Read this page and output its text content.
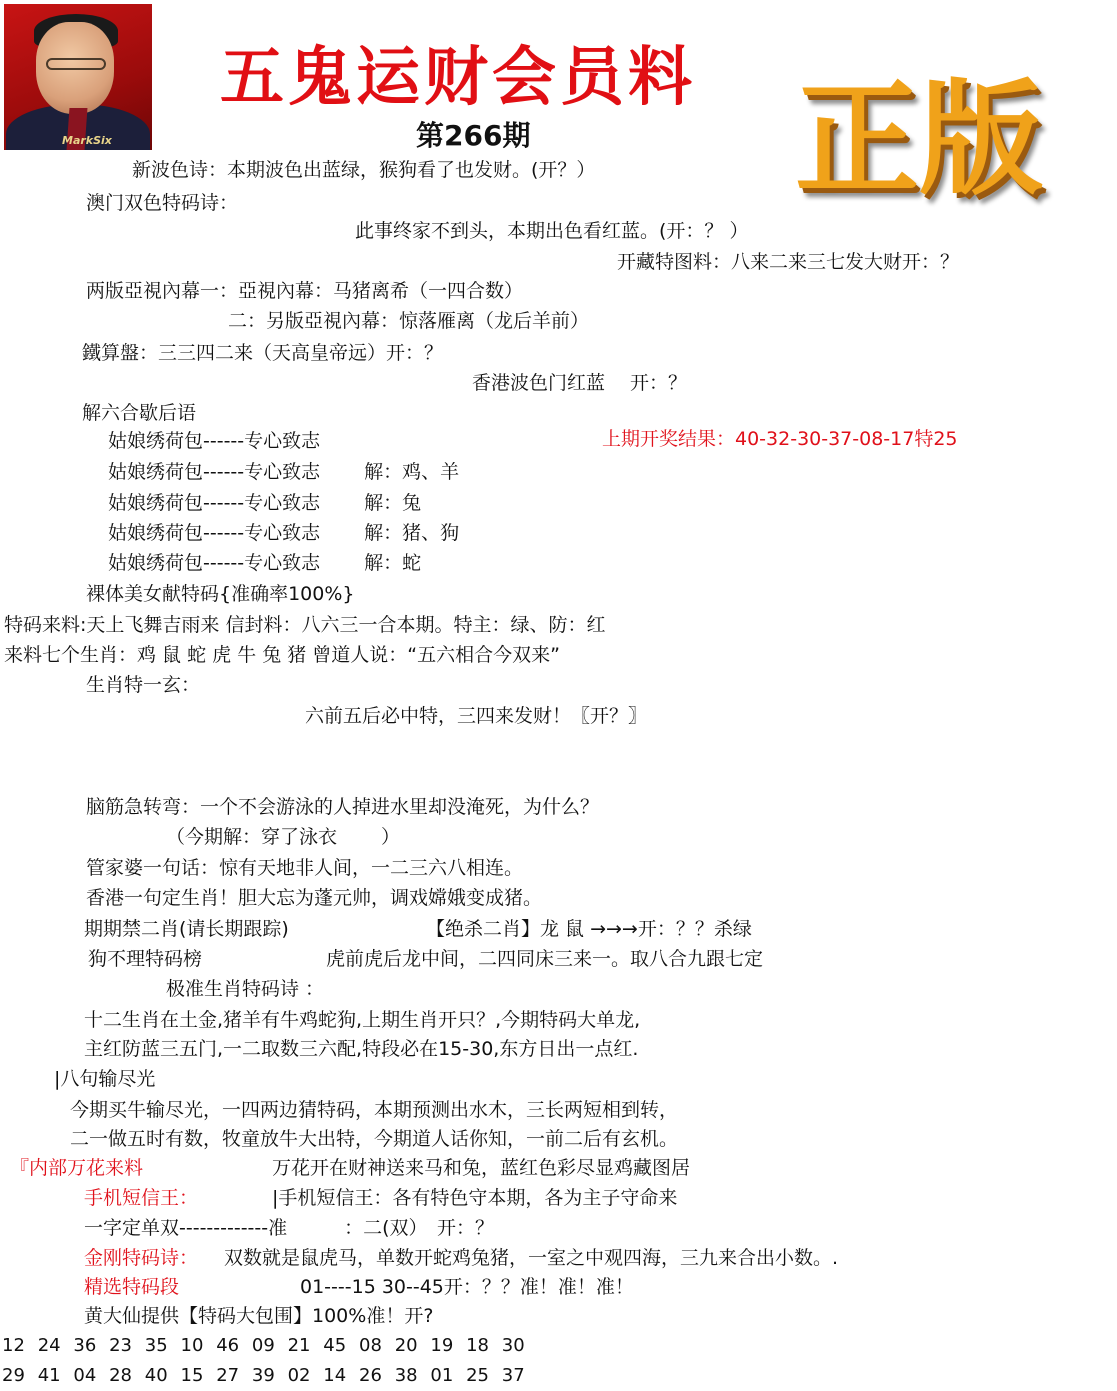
MarkSix
五鬼运财会员料
第266期 正版
新波色诗：本期波色出蓝绿，猴狗看了也发财。(开？）
澳门双色特码诗：
此事终家不到头，本期出色看红蓝。(开：？ ）
开藏特图料：八来二来三七发大财开：？
两版亞視內幕一：亞視內幕：马猪离希（一四合数）
二：另版亞視內幕：惊落雁离（龙后羊前）
鐵算盤：三三四二来（天高皇帝远）开：？
香港波色门红蓝　 开：？
解六合歇后语
姑娘绣荷包------专心致志	上期开奖结果：40-32-30-37-08-17特25
姑娘绣荷包------专心致志　　 解：鸡、羊
姑娘绣荷包------专心致志　　 解：兔
姑娘绣荷包------专心致志　　 解：猪、狗
姑娘绣荷包------专心致志　　 解：蛇
裸体美女献特码{准确率100%}
特码来料:天上飞舞吉雨来 信封料：八六三一合本期。特主：绿、防：红
来料七个生肖：鸡 鼠 蛇 虎 牛 兔 猪 曾道人说：“五六相合今双来”
生肖特一玄：
六前五后必中特，三四来发财！〖开？〗
脑筋急转弯：一个不会游泳的人掉进水里却没淹死，为什么？
（今期解：穿了泳衣　　 ）
管家婆一句话：惊有天地非人间，一二三六八相连。
香港一句定生肖！胆大忘为蓬元帅，调戏嫦娥变成猪。
期期禁二肖(请长期跟踪)	【绝杀二肖】龙 鼠 →→→开：？？杀绿
狗不理特码榜	虎前虎后龙中间，二四同床三来一。取八合九跟七定
极准生肖特码诗 ：
十二生肖在土金,猪羊有牛鸡蛇狗,上期生肖开只？,今期特码大单龙,
主红防蓝三五门,一二取数三六配,特段必在15-30,东方日出一点红.
|八句输尽光
今期买牛输尽光，一四两边猜特码，本期预测出水木，三长两短相到转，
二一做五时有数，牧童放牛大出特，今期道人话你知，一前二后有玄机。
『内部万花来料	万花开在财神送来马和兔，蓝红色彩尽显鸡藏图居
手机短信王：	|手机短信王：各有特色守本期，各为主子守命来
一字定单双-------------准　　　：二(双）　开：？
金刚特码诗： 双数就是鼠虎马，单数开蛇鸡兔猪，一室之中观四海，三九来合出小数。.
精选特码段	01----15 30--45开：？？准！准！准！
黄大仙提供【特码大包围】100%准！开?
12 24 36 23 35 10 46 09 21 45 08 20 19 18 30
29 41 04 28 40 15 27 39 02 14 26 38 01 25 37
